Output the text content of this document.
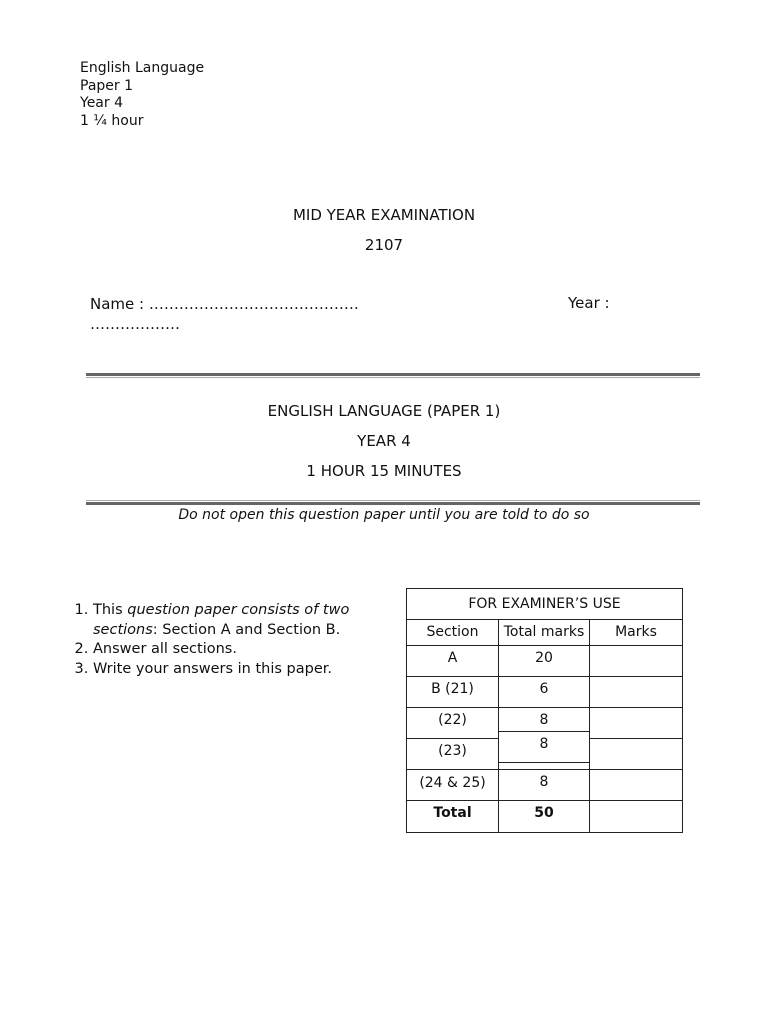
English Language
Paper 1
Year 4
1 ¼ hour
MID YEAR EXAMINATION
2107
Name : ……………………………………
………………
Year :
ENGLISH LANGUAGE (PAPER 1)
YEAR 4
1 HOUR 15 MINUTES
Do not open this question paper until you are told to do so
1. This question paper consists of two sections: Section A and Section B.
2. Answer all sections.
3. Write your answers in this paper.
FOR EXAMINER’S USE
Section	Total marks	Marks
A	20
B (21)	6
(22)	8
(23)	8
(24 & 25)	8
Total	50
